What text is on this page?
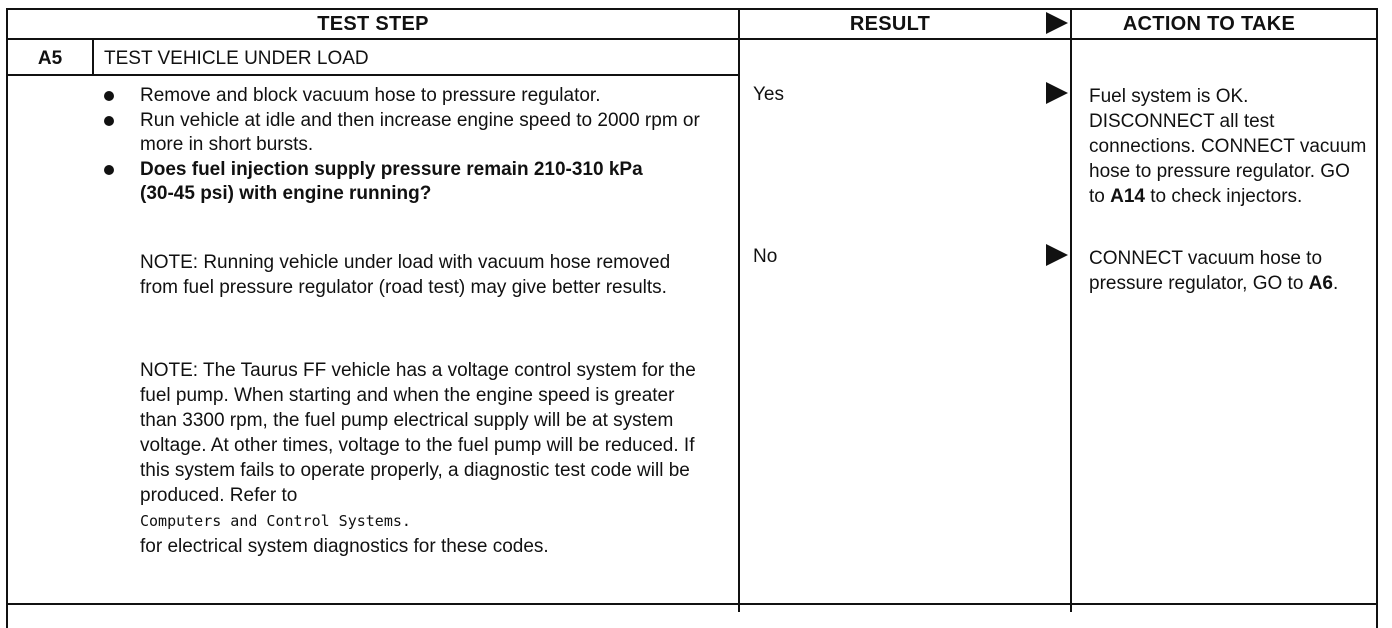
TEST STEP	RESULT	ACTION TO TAKE
A5	TEST VEHICLE UNDER LOAD
Remove and block vacuum hose to pressure regulator.
Run vehicle at idle and then increase engine speed to 2000 rpm or more in short bursts.
Does fuel injection supply pressure remain 210-310 kPa (30-45 psi) with engine running?
NOTE: Running vehicle under load with vacuum hose removed from fuel pressure regulator (road test) may give better results.
NOTE: The Taurus FF vehicle has a voltage control system for the fuel pump. When starting and when the engine speed is greater than 3300 rpm, the fuel pump electrical supply will be at system voltage. At other times, voltage to the fuel pump will be reduced. If this system fails to operate properly, a diagnostic test code will be produced. Refer to
Computers and Control Systems.
for electrical system diagnostics for these codes.
Yes	Fuel system is OK. DISCONNECT all test connections. CONNECT vacuum hose to pressure regulator. GO to A14 to check injectors.
No	CONNECT vacuum hose to pressure regulator, GO to A6.
